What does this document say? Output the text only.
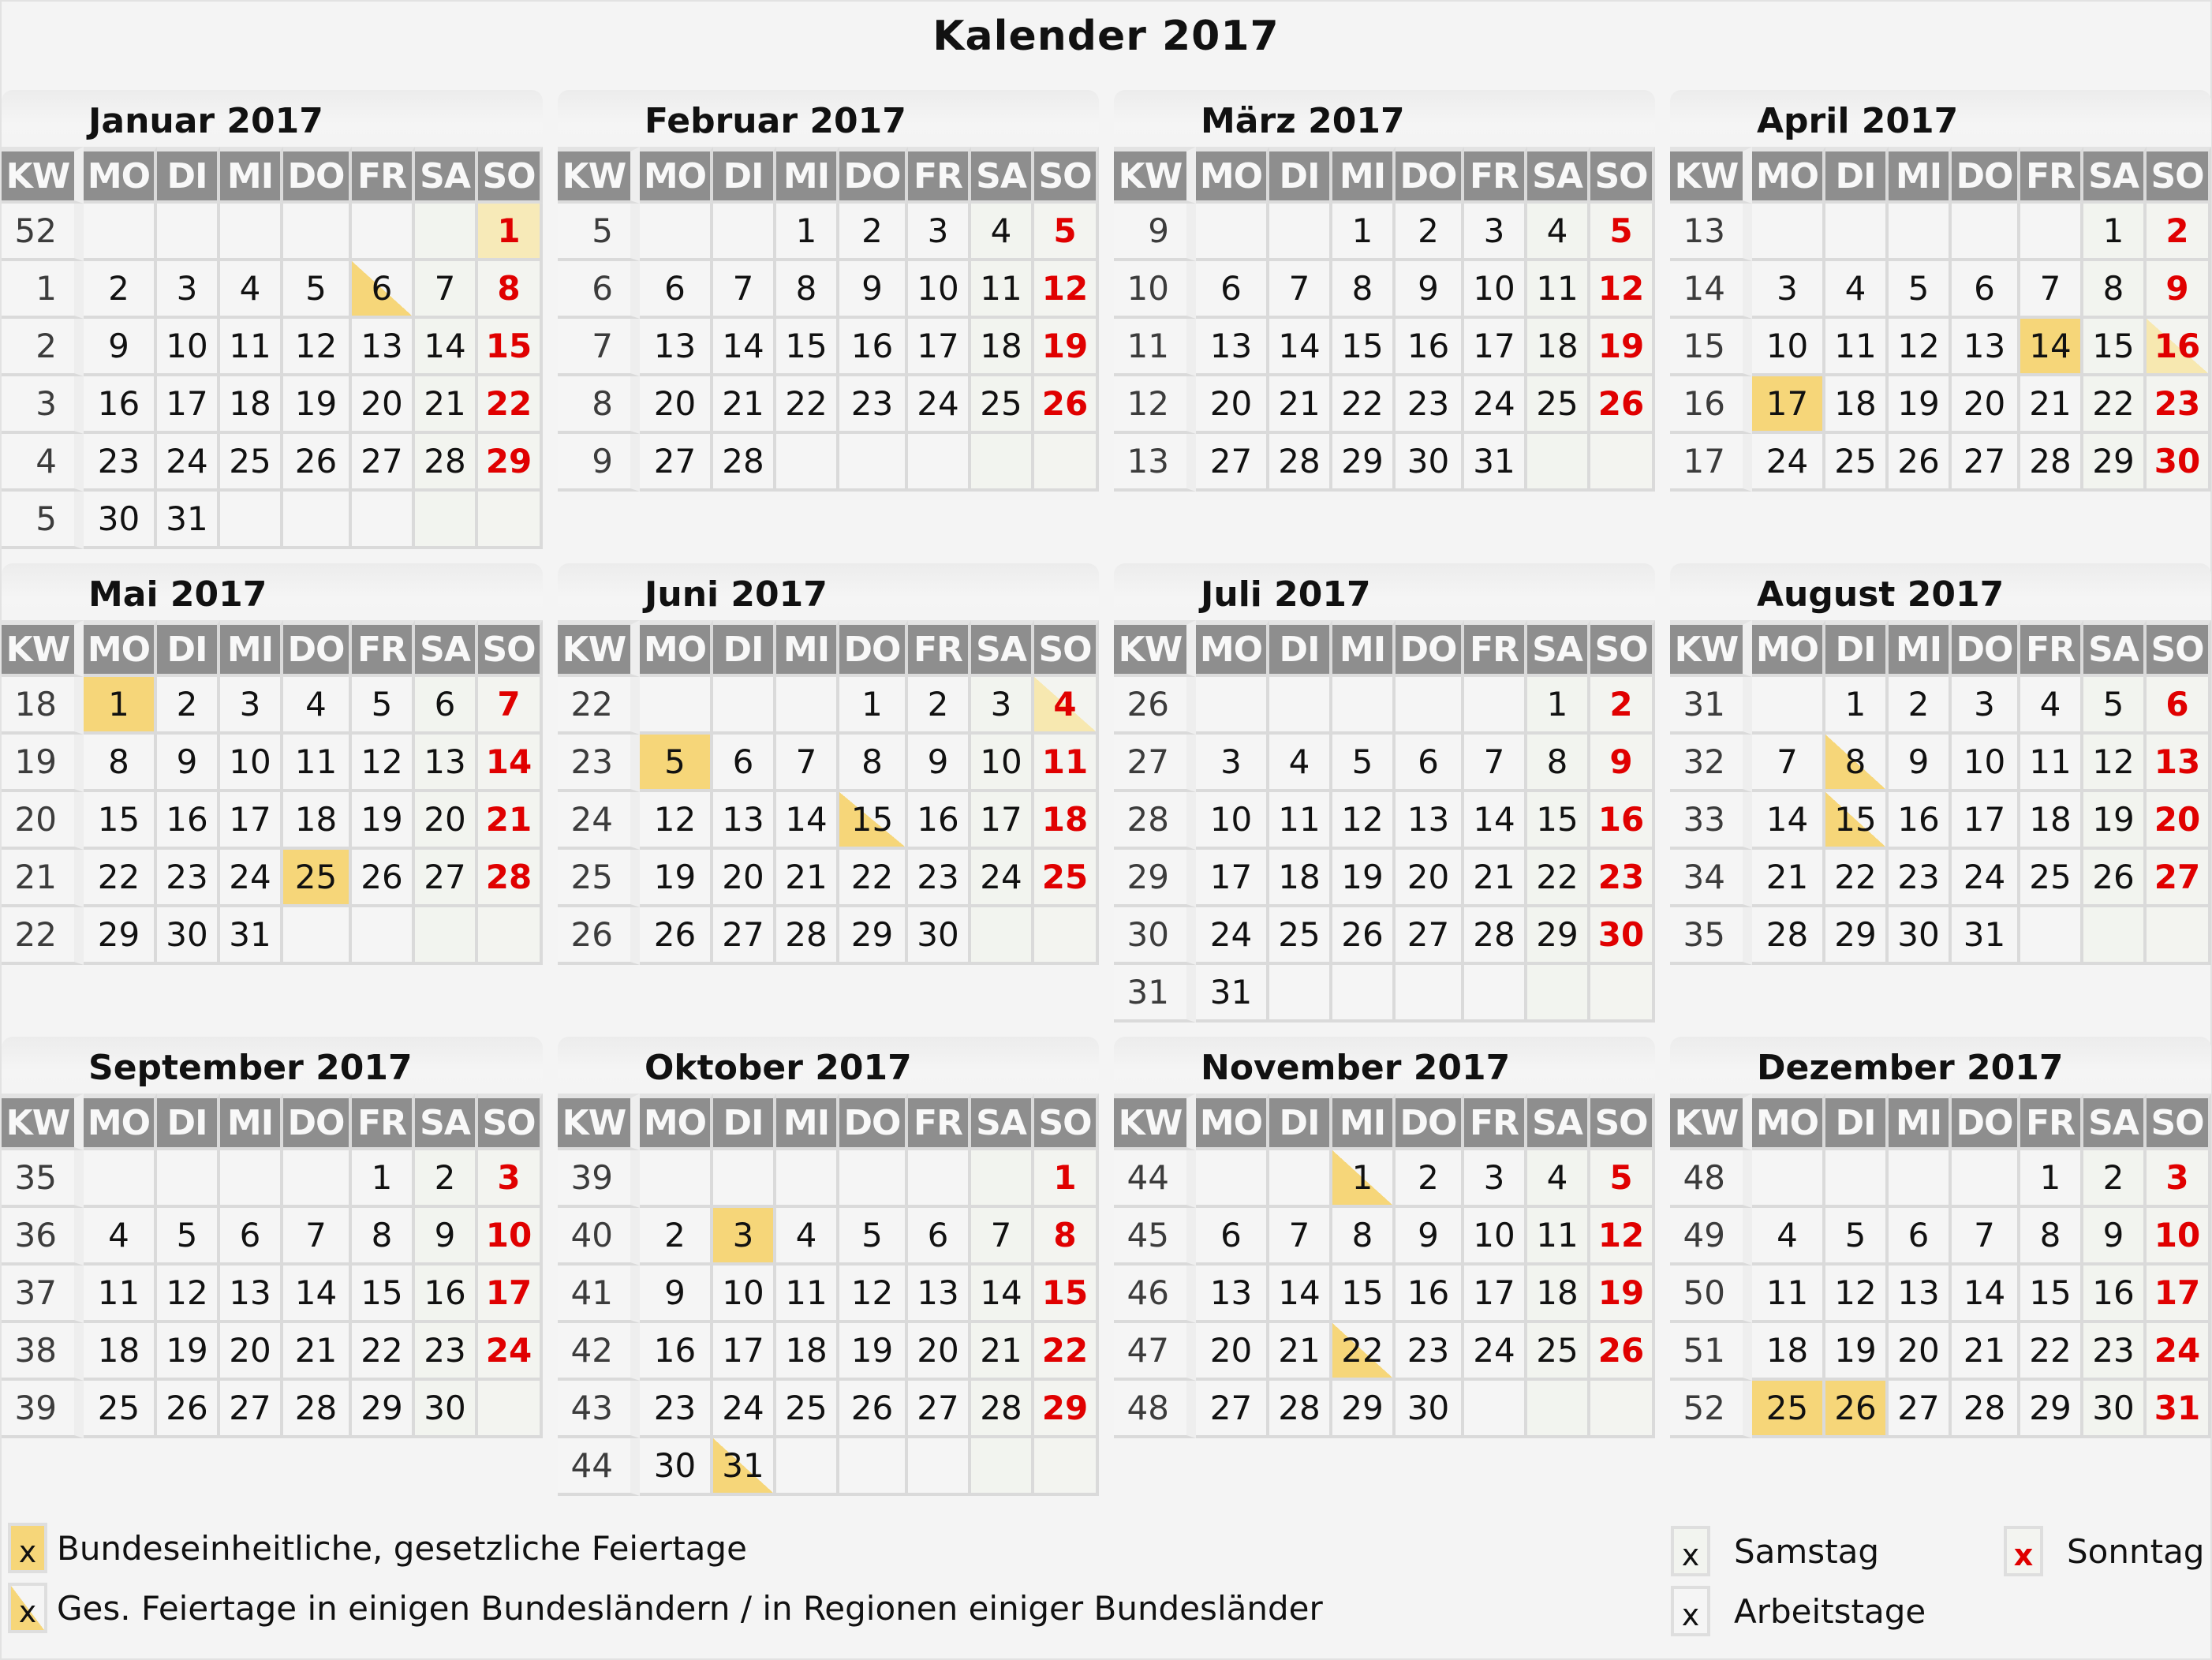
Kalender 2017
Januar 2017
KW	MO	DI	MI	DO	FR	SA	SO
52							1
1	2	3	4	5	6	7	8
2	9	10	11	12	13	14	15
3	16	17	18	19	20	21	22
4	23	24	25	26	27	28	29
5	30	31					
Februar 2017
KW	MO	DI	MI	DO	FR	SA	SO
5			1	2	3	4	5
6	6	7	8	9	10	11	12
7	13	14	15	16	17	18	19
8	20	21	22	23	24	25	26
9	27	28					
März 2017
KW	MO	DI	MI	DO	FR	SA	SO
9			1	2	3	4	5
10	6	7	8	9	10	11	12
11	13	14	15	16	17	18	19
12	20	21	22	23	24	25	26
13	27	28	29	30	31		
April 2017
KW	MO	DI	MI	DO	FR	SA	SO
13						1	2
14	3	4	5	6	7	8	9
15	10	11	12	13	14	15	16
16	17	18	19	20	21	22	23
17	24	25	26	27	28	29	30
Mai 2017
KW	MO	DI	MI	DO	FR	SA	SO
18	1	2	3	4	5	6	7
19	8	9	10	11	12	13	14
20	15	16	17	18	19	20	21
21	22	23	24	25	26	27	28
22	29	30	31				
Juni 2017
KW	MO	DI	MI	DO	FR	SA	SO
22				1	2	3	4
23	5	6	7	8	9	10	11
24	12	13	14	15	16	17	18
25	19	20	21	22	23	24	25
26	26	27	28	29	30		
Juli 2017
KW	MO	DI	MI	DO	FR	SA	SO
26						1	2
27	3	4	5	6	7	8	9
28	10	11	12	13	14	15	16
29	17	18	19	20	21	22	23
30	24	25	26	27	28	29	30
31	31						
August 2017
KW	MO	DI	MI	DO	FR	SA	SO
31		1	2	3	4	5	6
32	7	8	9	10	11	12	13
33	14	15	16	17	18	19	20
34	21	22	23	24	25	26	27
35	28	29	30	31			
September 2017
KW	MO	DI	MI	DO	FR	SA	SO
35					1	2	3
36	4	5	6	7	8	9	10
37	11	12	13	14	15	16	17
38	18	19	20	21	22	23	24
39	25	26	27	28	29	30	
Oktober 2017
KW	MO	DI	MI	DO	FR	SA	SO
39							1
40	2	3	4	5	6	7	8
41	9	10	11	12	13	14	15
42	16	17	18	19	20	21	22
43	23	24	25	26	27	28	29
44	30	31					
November 2017
KW	MO	DI	MI	DO	FR	SA	SO
44			1	2	3	4	5
45	6	7	8	9	10	11	12
46	13	14	15	16	17	18	19
47	20	21	22	23	24	25	26
48	27	28	29	30			
Dezember 2017
KW	MO	DI	MI	DO	FR	SA	SO
48					1	2	3
49	4	5	6	7	8	9	10
50	11	12	13	14	15	16	17
51	18	19	20	21	22	23	24
52	25	26	27	28	29	30	31
x Bundeseinheitliche, gesetzliche Feiertage
x Ges. Feiertage in einigen Bundesländern / in Regionen einiger Bundesländer
x	Samstag	x	Sonntag
x	Arbeitstage
